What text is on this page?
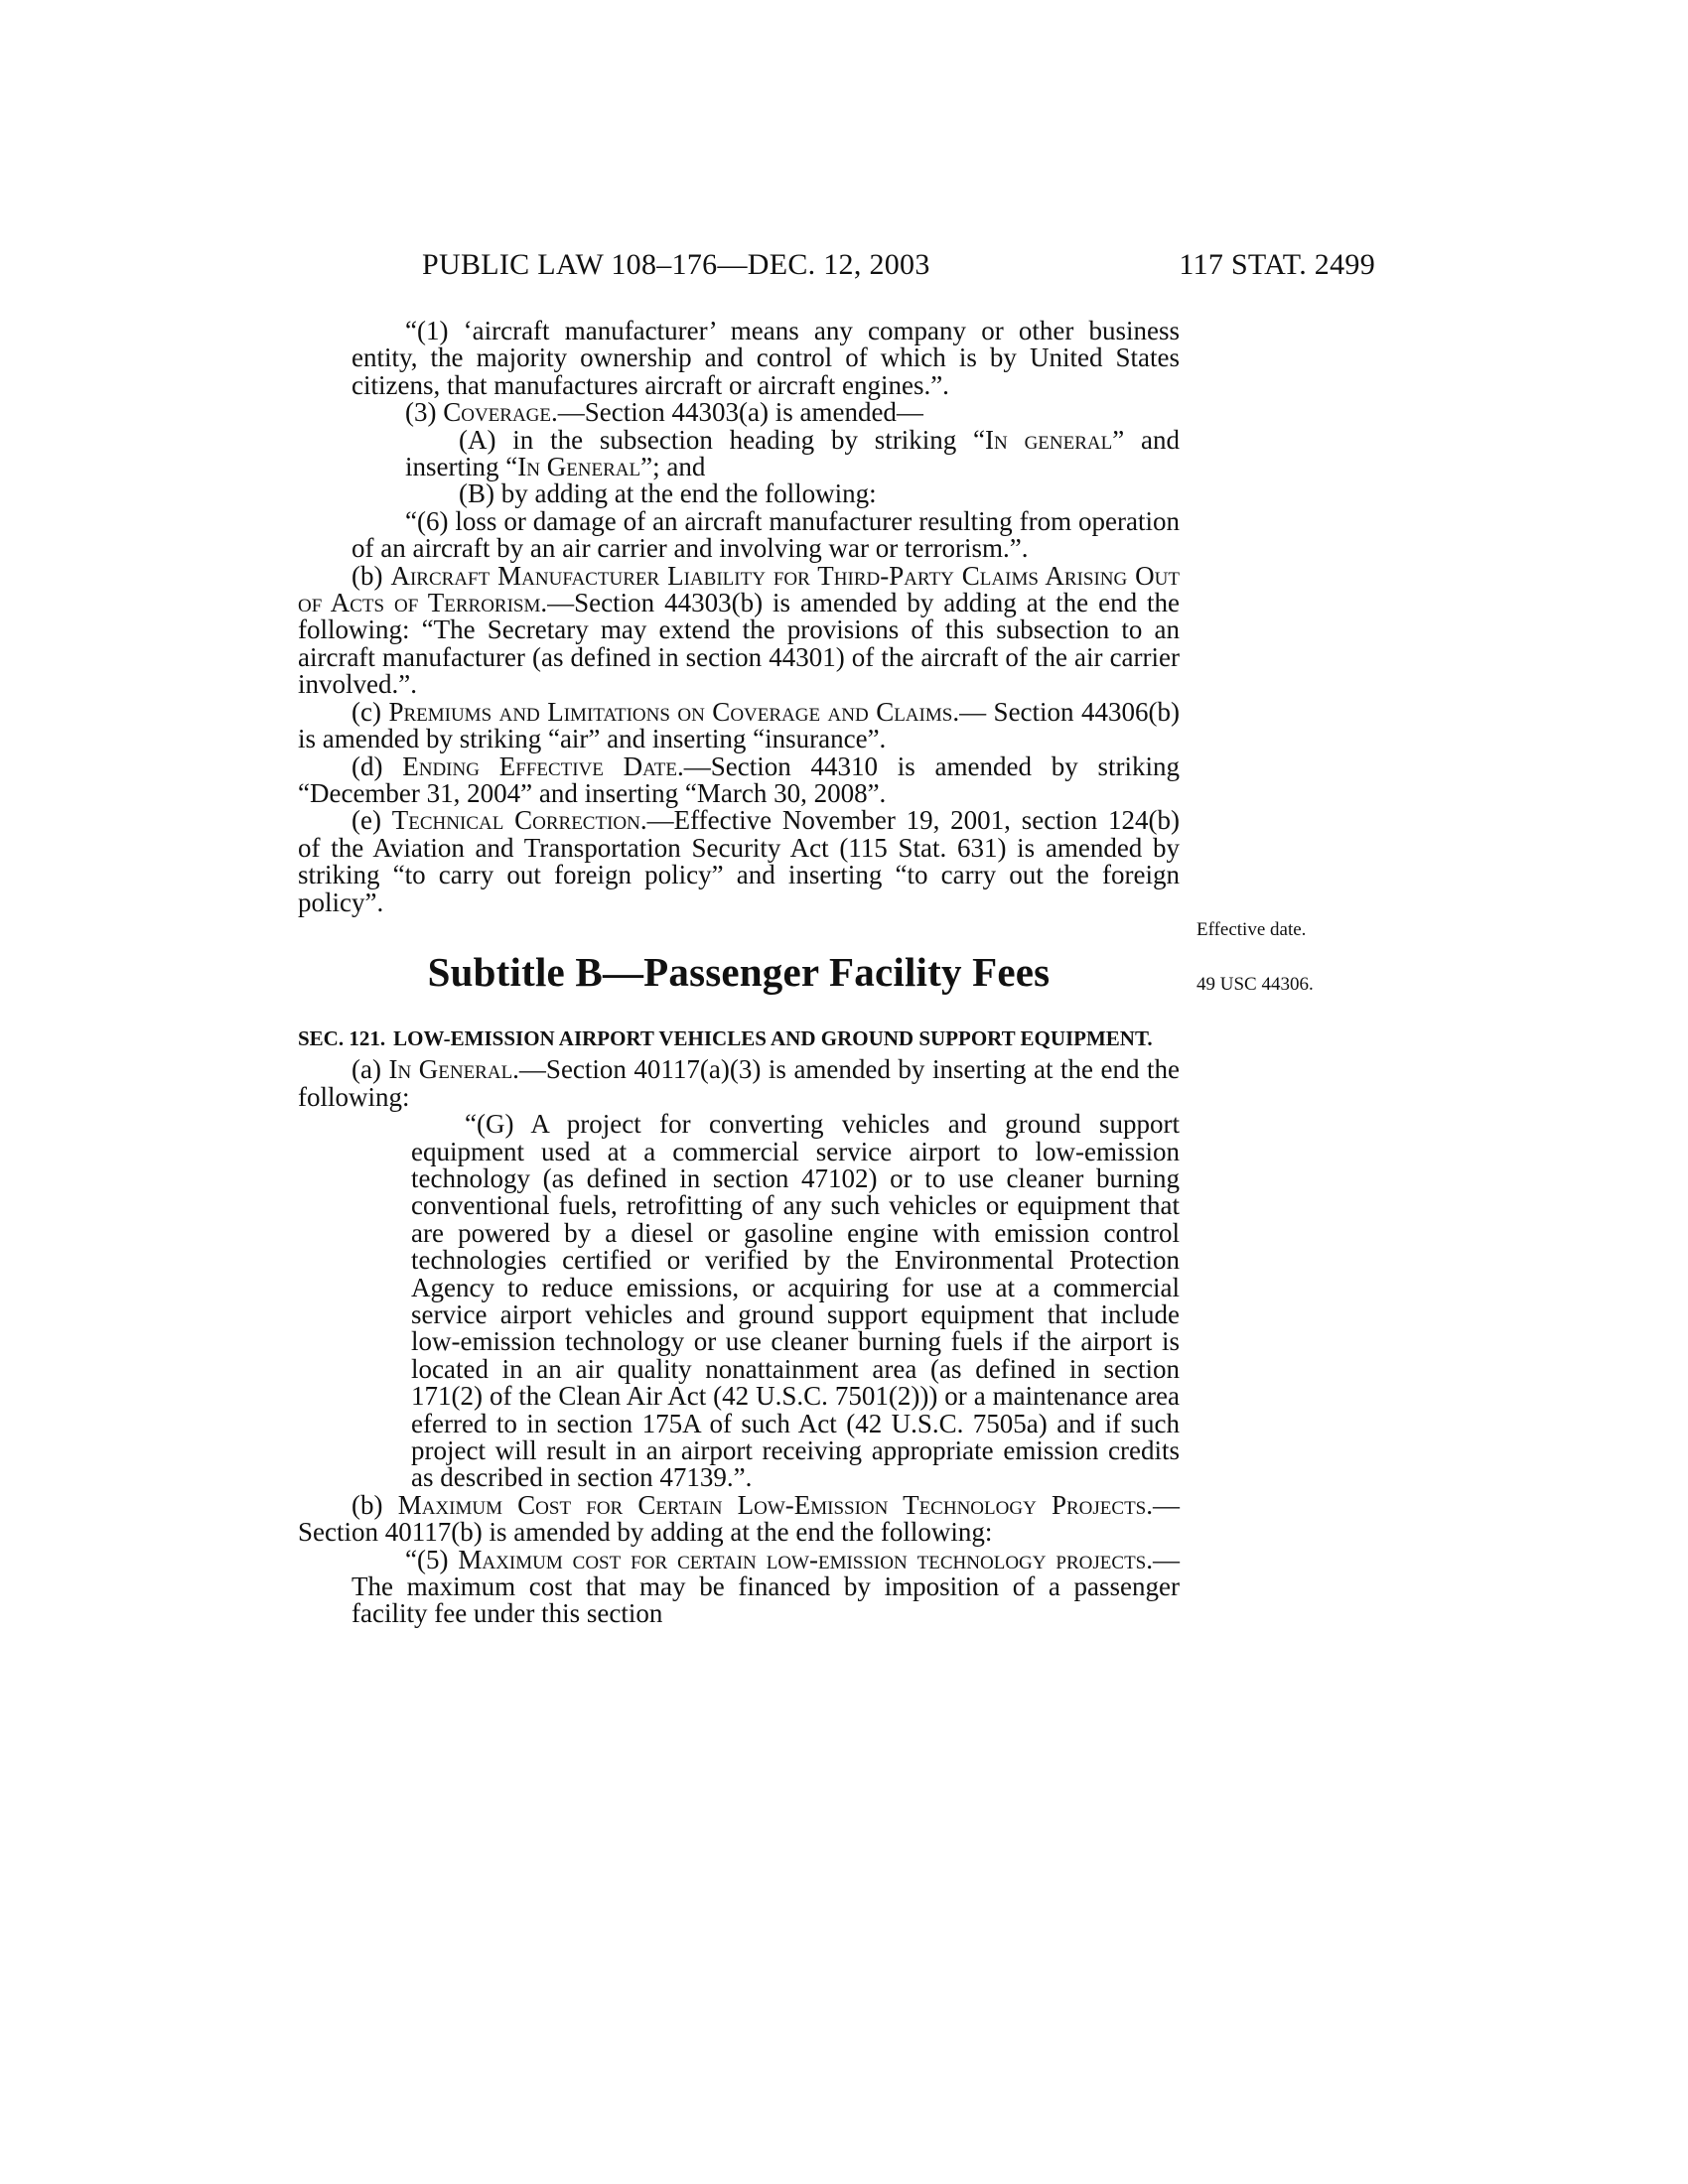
PUBLIC LAW 108–176—DEC. 12, 2003	117 STAT. 2499
Effective date.
49 USC 44306.

“(1) ‘aircraft manufacturer’ means any company or other business entity, the majority ownership and control of which is by United States citizens, that manufactures aircraft or aircraft engines.”.

(3) Coverage.—Section 44303(a) is amended—

(A) in the subsection heading by striking “In general” and inserting “In General”; and

(B) by adding at the end the following:

“(6) loss or damage of an aircraft manufacturer resulting from operation of an aircraft by an air carrier and involving war or terrorism.”.

(b) Aircraft Manufacturer Liability for Third-Party Claims Arising Out of Acts of Terrorism.—Section 44303(b) is amended by adding at the end the following: “The Secretary may extend the provisions of this subsection to an aircraft manufacturer (as defined in section 44301) of the aircraft of the air carrier involved.”.

(c) Premiums and Limitations on Coverage and Claims.— Section 44306(b) is amended by striking “air” and inserting “insurance”.

(d) Ending Effective Date.—Section 44310 is amended by striking “December 31, 2004” and inserting “March 30, 2008”.

(e) Technical Correction.—Effective November 19, 2001, section 124(b) of the Aviation and Transportation Security Act (115 Stat. 631) is amended by striking “to carry out foreign policy” and inserting “to carry out the foreign policy”.

Subtitle B—Passenger Facility Fees

SEC. 121. LOW-EMISSION AIRPORT VEHICLES AND GROUND SUPPORT EQUIPMENT.

(a) In General.—Section 40117(a)(3) is amended by inserting at the end the following:

“(G) A project for converting vehicles and ground support equipment used at a commercial service airport to low-emission technology (as defined in section 47102) or to use cleaner burning conventional fuels, retrofitting of any such vehicles or equipment that are powered by a diesel or gasoline engine with emission control technologies certified or verified by the Environmental Protection Agency to reduce emissions, or acquiring for use at a commercial service airport vehicles and ground support equipment that include low-emission technology or use cleaner burning fuels if the airport is located in an air quality nonattainment area (as defined in section 171(2) of the Clean Air Act (42 U.S.C. 7501(2))) or a maintenance area eferred to in section 175A of such Act (42 U.S.C. 7505a) and if such project will result in an airport receiving appropriate emission credits as described in section 47139.”.

(b) Maximum Cost for Certain Low-Emission Technology Projects.—Section 40117(b) is amended by adding at the end the following:

“(5) Maximum cost for certain low-emission technology projects.—The maximum cost that may be financed by imposition of a passenger facility fee under this section
